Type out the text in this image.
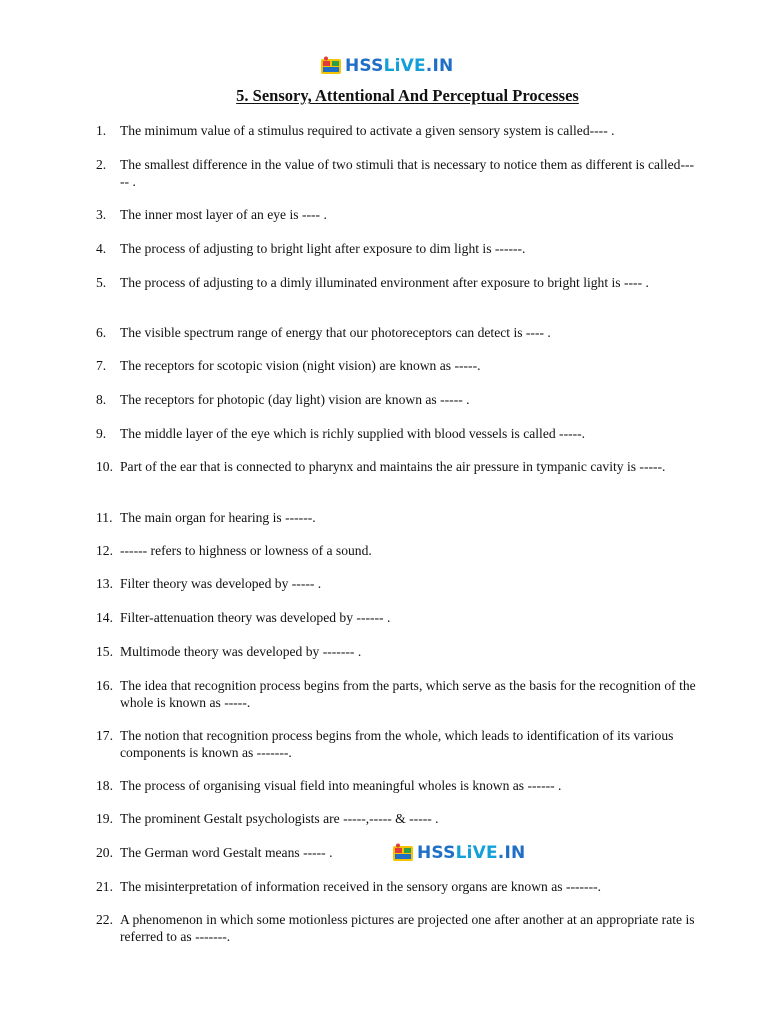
HSS LiVE .IN
5. Sensory, Attentional And Perceptual Processes
1.	The minimum value of a stimulus required to activate a given sensory system is called---- .
2.	The smallest difference in the value of two stimuli that is necessary to notice them as different is called--- -- .
3.	The inner most layer of an eye is ---- .
4.	The process of adjusting to bright light after exposure to dim light is ------.
5.	The process of adjusting to a dimly illuminated environment after exposure to bright light is ---- .
6.	The visible spectrum range of energy that our photoreceptors can detect is ---- .
7.	The receptors for scotopic vision (night vision) are known as -----.
8.	The receptors for photopic (day light) vision are known as ----- .
9.	The middle layer of the eye which is richly supplied with blood vessels is called -----.
10. Part of the ear that is connected to pharynx and maintains the air pressure in tympanic cavity is -----.
11. The main organ for hearing is ------.
12. ------ refers to highness or lowness of a sound.
13. Filter theory was developed by ----- .
14. Filter-attenuation theory was developed by ------ .
15. Multimode theory was developed by ------- .
16. The idea that recognition process begins from the parts, which serve as the basis for the recognition of the whole is known as -----.
17. The notion that recognition process begins from the whole, which leads to identification of its various components is known as -------.
18. The process of organising visual field into meaningful wholes is known as ------ .
19. The prominent Gestalt psychologists are -----,----- & ----- .
20. The German word Gestalt means ----- .
21. The misinterpretation of information received in the sensory organs are known as -------.
22. A phenomenon in which some motionless pictures are projected one after another at an appropriate rate is referred to as -------.
HSS LiVE .IN
